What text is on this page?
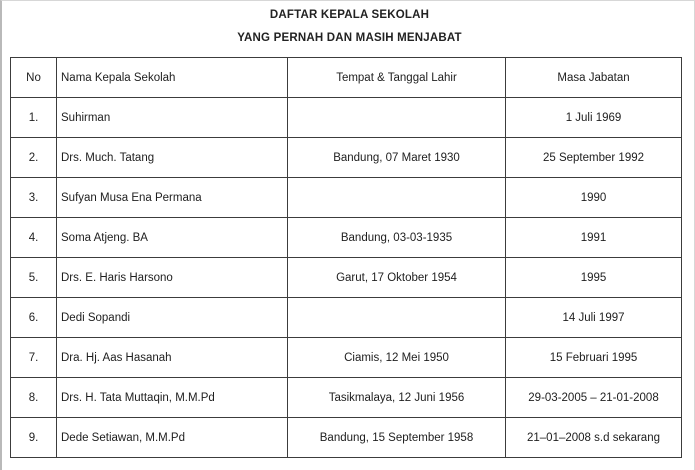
DAFTAR KEPALA SEKOLAH
YANG PERNAH DAN MASIH MENJABAT
No	Nama Kepala Sekolah	Tempat & Tanggal Lahir	Masa Jabatan
1.	Suhirman		1 Juli 1969
2.	Drs. Much. Tatang	Bandung, 07 Maret 1930	25 September 1992
3.	Sufyan Musa Ena Permana		1990
4.	Soma Atjeng. BA	Bandung, 03-03-1935	1991
5.	Drs. E. Haris Harsono	Garut, 17 Oktober 1954	1995
6.	Dedi Sopandi		14 Juli 1997
7.	Dra. Hj. Aas Hasanah	Ciamis, 12 Mei 1950	15 Februari 1995
8.	Drs. H. Tata Muttaqin, M.M.Pd	Tasikmalaya, 12 Juni 1956	29-03-2005 – 21-01-2008
9.	Dede Setiawan, M.M.Pd	Bandung, 15 September 1958	21–01–2008 s.d sekarang
